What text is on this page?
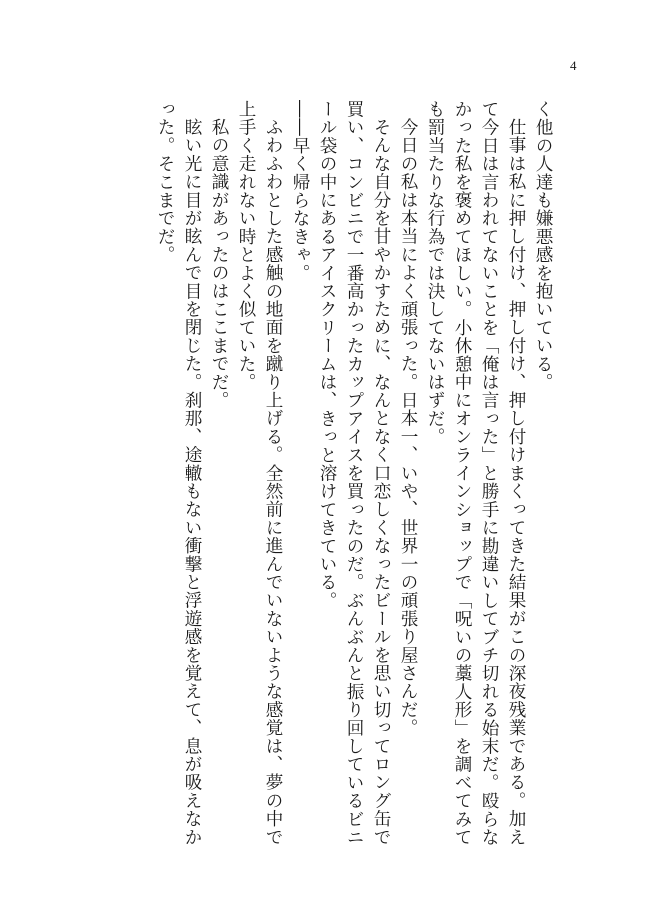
4

く他の人達も嫌悪感を抱いている。

仕事は私に押し付け、押し付け、押し付けまくってきた結果がこの深夜残業である。加えて今日は言われてないことを「俺は言った」と勝手に勘違いしてブチ切れる始末だ。殴らなかった私を褒めてほしい。小休憩中にオンラインショップで「呪いの藁人形」を調べてみても罰当たりな行為では決してないはずだ。

今日の私は本当によく頑張った。日本一、いや、世界一の頑張り屋さんだ。

そんな自分を甘やかすために、なんとなく口恋しくなったビールを思い切ってロング缶で買い、コンビニで一番高かったカップアイスを買ったのだ。ぶんぶんと振り回しているビニール袋の中にあるアイスクリームは、きっと溶けてきている。

――早く帰らなきゃ。

ふわふわとした感触の地面を蹴り上げる。全然前に進んでいないような感覚は、夢の中で上手く走れない時とよく似ていた。

私の意識があったのはここまでだ。

眩い光に目が眩んで目を閉じた。刹那、途轍もない衝撃と浮遊感を覚えて、息が吸えなかった。そこまでだ。
